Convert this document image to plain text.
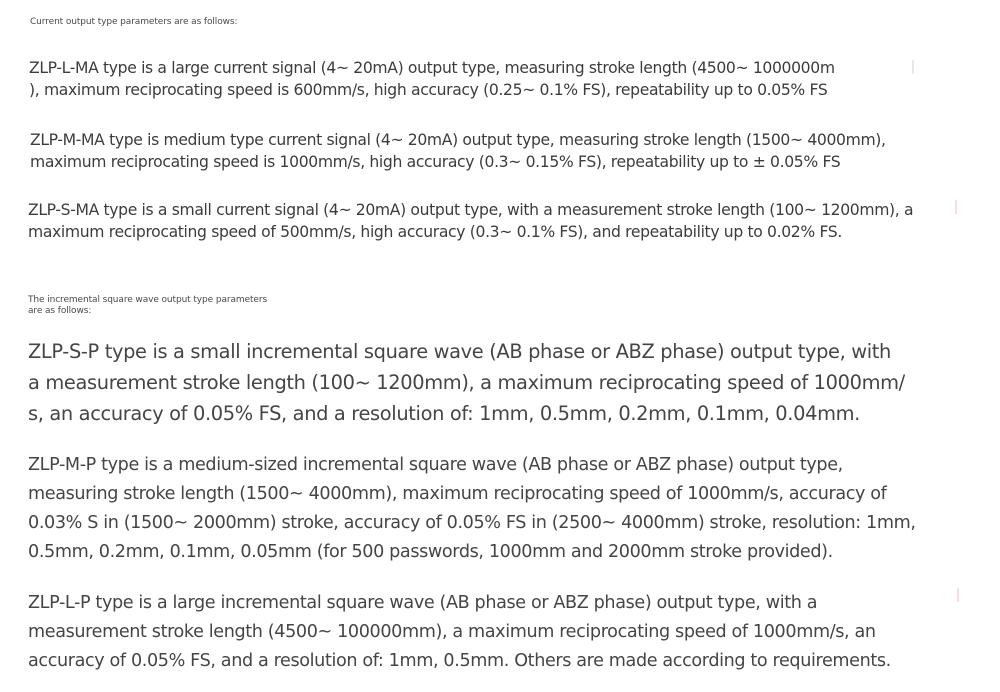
Current output type parameters are as follows:

ZLP-L-MA type is a large current signal (4~ 20mA) output type, measuring stroke length (4500~ 1000000m
), maximum reciprocating speed is 600mm/s, high accuracy (0.25~ 0.1% FS), repeatability up to 0.05% FS

ZLP-M-MA type is medium type current signal (4~ 20mA) output type, measuring stroke length (1500~ 4000mm),
maximum reciprocating speed is 1000mm/s, high accuracy (0.3~ 0.15% FS), repeatability up to ± 0.05% FS

ZLP-S-MA type is a small current signal (4~ 20mA) output type, with a measurement stroke length (100~ 1200mm), a
maximum reciprocating speed of 500mm/s, high accuracy (0.3~ 0.1% FS), and repeatability up to 0.02% FS.

The incremental square wave output type parameters
are as follows:

ZLP-S-P type is a small incremental square wave (AB phase or ABZ phase) output type, with
a measurement stroke length (100~ 1200mm), a maximum reciprocating speed of 1000mm/
s, an accuracy of 0.05% FS, and a resolution of: 1mm, 0.5mm, 0.2mm, 0.1mm, 0.04mm.

ZLP-M-P type is a medium-sized incremental square wave (AB phase or ABZ phase) output type,
measuring stroke length (1500~ 4000mm), maximum reciprocating speed of 1000mm/s, accuracy of
0.03% S in (1500~ 2000mm) stroke, accuracy of 0.05% FS in (2500~ 4000mm) stroke, resolution: 1mm,
0.5mm, 0.2mm, 0.1mm, 0.05mm (for 500 passwords, 1000mm and 2000mm stroke provided).

ZLP-L-P type is a large incremental square wave (AB phase or ABZ phase) output type, with a
measurement stroke length (4500~ 100000mm), a maximum reciprocating speed of 1000mm/s, an
accuracy of 0.05% FS, and a resolution of: 1mm, 0.5mm. Others are made according to requirements.
